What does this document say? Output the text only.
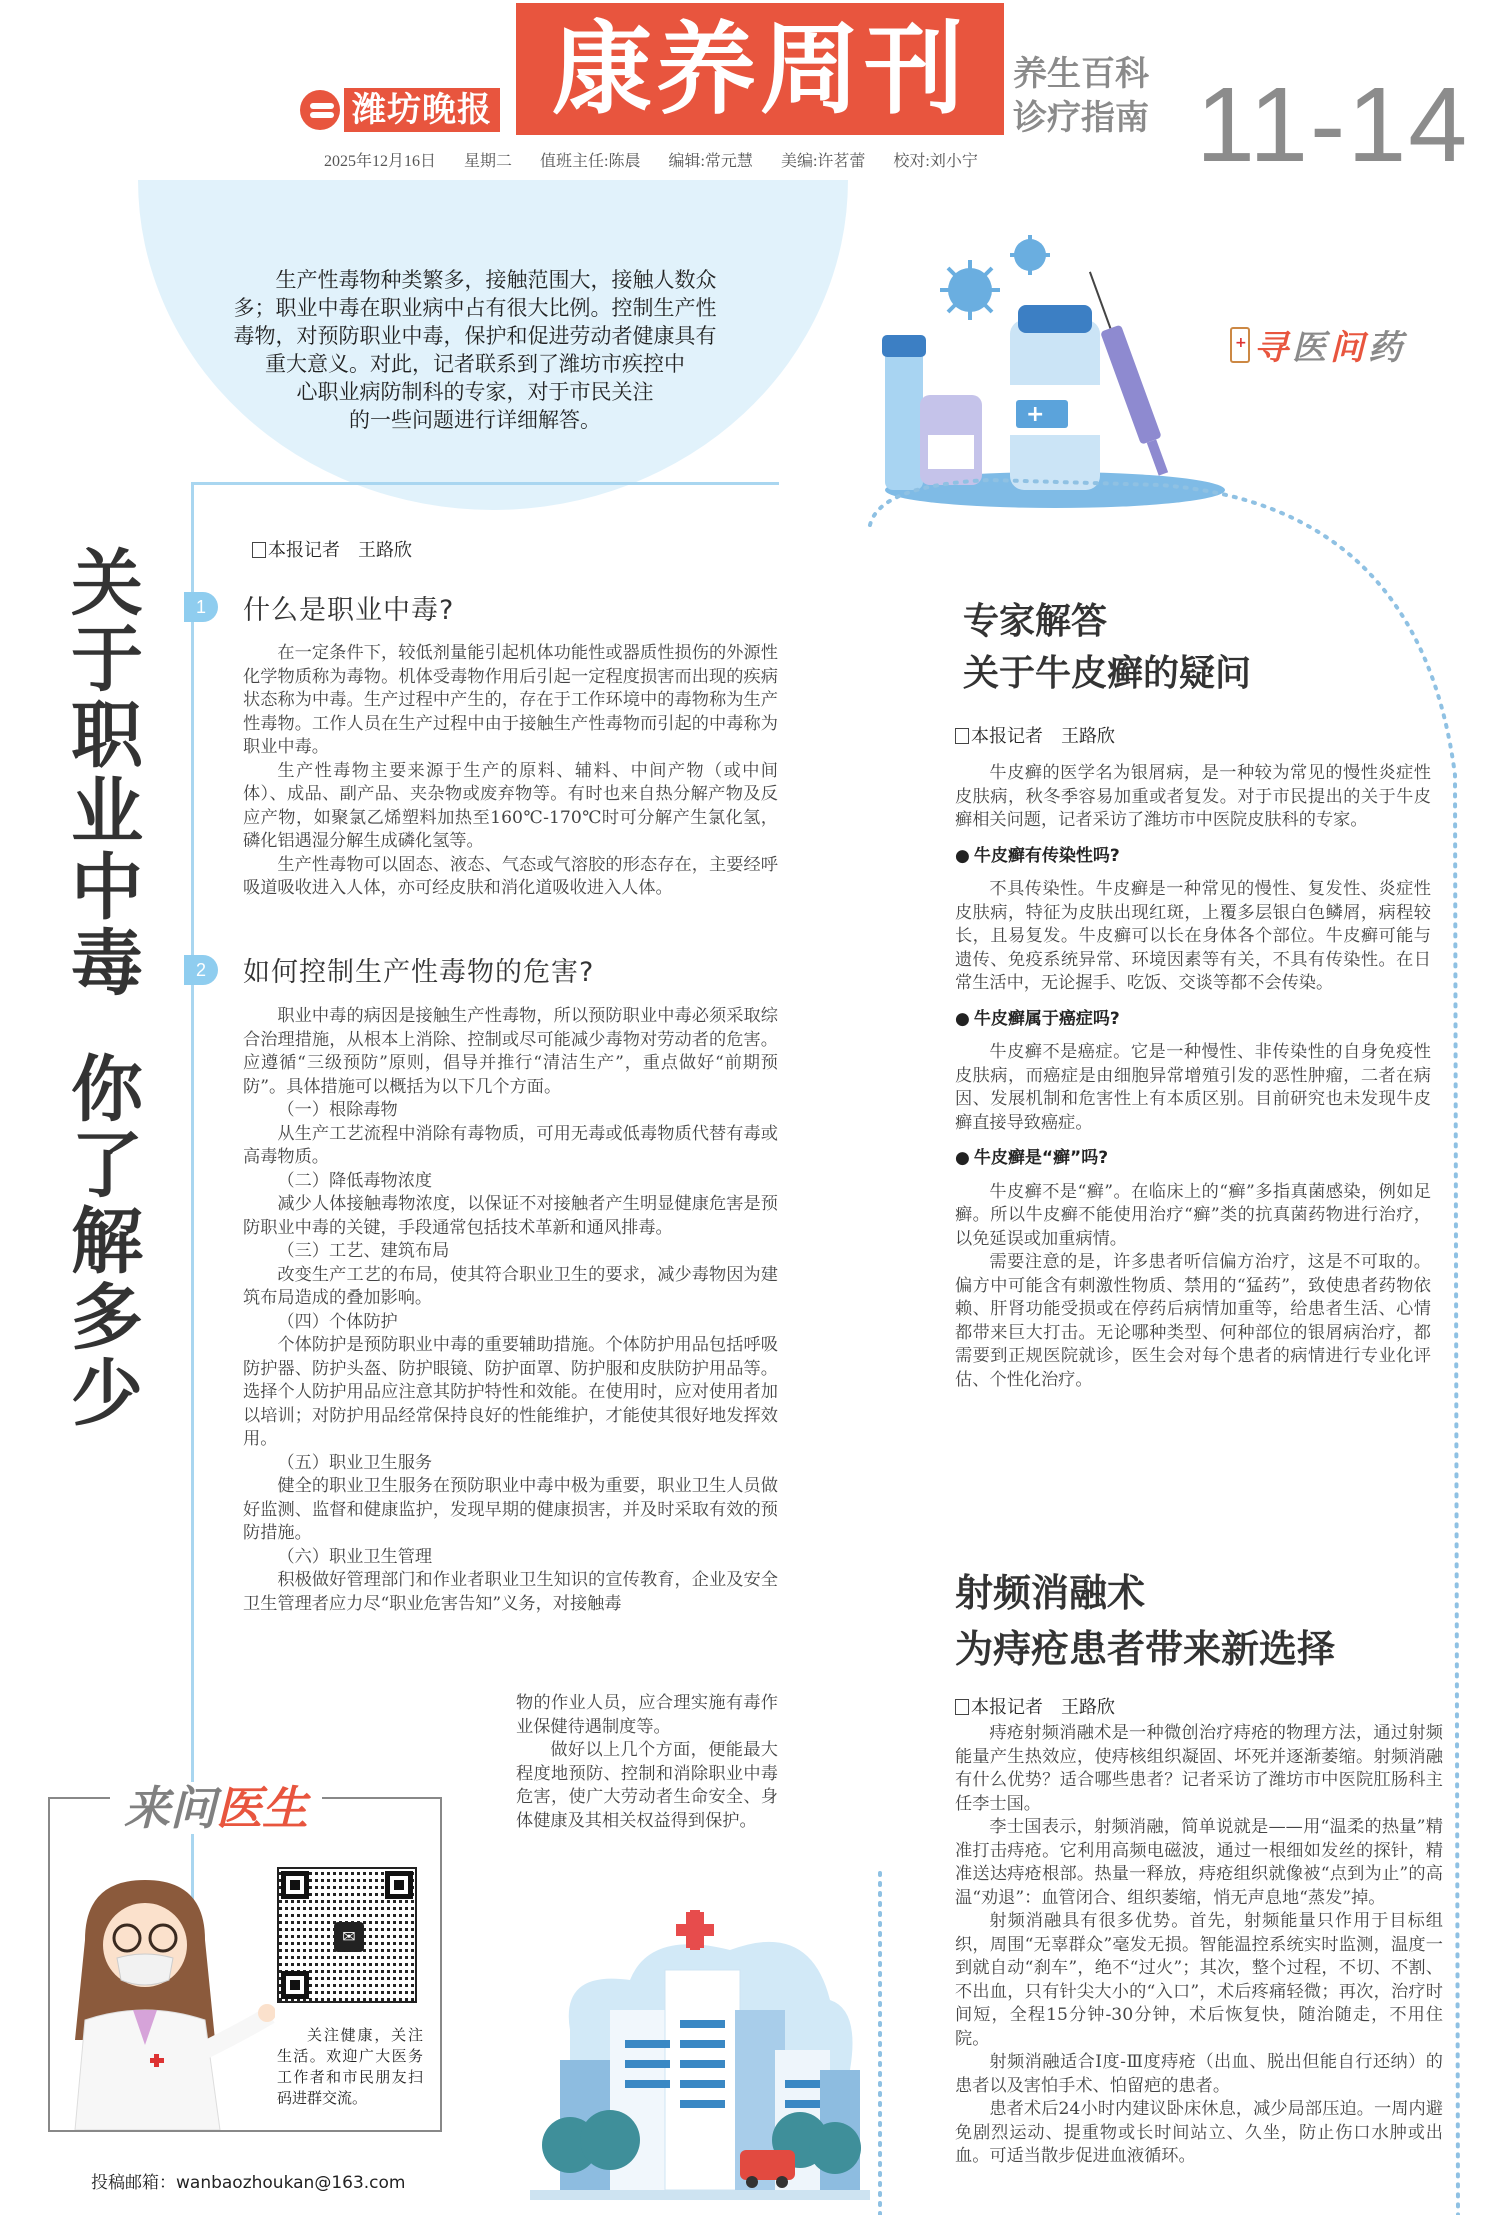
潍坊晚报 康养周刊	养生百科
诊疗指南 11-14
2025年12月16日 星期二 值班主任:陈晨 编辑:常元慧 美编:许茗蕾 校对:刘小宁

生产性毒物种类繁多，接触范围大，接触人数众

多；职业中毒在职业病中占有很大比例。控制生产性

毒物，对预防职业中毒，保护和促进劳动者健康具有

重大意义。对此，记者联系到了潍坊市疾控中

心职业病防制科的专家，对于市民关注

的一些问题进行详细解答。	+
+
寻 医 问 药
关于职业中毒
你了解多少
本报记者　王路欣
1	什么是职业中毒?

在一定条件下，较低剂量能引起机体功能性或器质性损伤的外源性化学物质称为毒物。机体受毒物作用后引起一定程度损害而出现的疾病状态称为中毒。生产过程中产生的，存在于工作环境中的毒物称为生产性毒物。工作人员在生产过程中由于接触生产性毒物而引起的中毒称为职业中毒。

生产性毒物主要来源于生产的原料、辅料、中间产物（或中间体）、成品、副产品、夹杂物或废弃物等。有时也来自热分解产物及反应产物，如聚氯乙烯塑料加热至160℃-170℃时可分解产生氯化氢，磷化铝遇湿分解生成磷化氢等。

生产性毒物可以固态、液态、气态或气溶胶的形态存在，主要经呼吸道吸收进入人体，亦可经皮肤和消化道吸收进入人体。

2	如何控制生产性毒物的危害?

职业中毒的病因是接触生产性毒物，所以预防职业中毒必须采取综合治理措施，从根本上消除、控制或尽可能减少毒物对劳动者的危害。应遵循“三级预防”原则，倡导并推行“清洁生产”，重点做好“前期预防”。具体措施可以概括为以下几个方面。

（一）根除毒物

从生产工艺流程中消除有毒物质，可用无毒或低毒物质代替有毒或高毒物质。

（二）降低毒物浓度

减少人体接触毒物浓度，以保证不对接触者产生明显健康危害是预防职业中毒的关键，手段通常包括技术革新和通风排毒。

（三）工艺、建筑布局

改变生产工艺的布局，使其符合职业卫生的要求，减少毒物因为建筑布局造成的叠加影响。

（四）个体防护

个体防护是预防职业中毒的重要辅助措施。个体防护用品包括呼吸防护器、防护头盔、防护眼镜、防护面罩、防护服和皮肤防护用品等。选择个人防护用品应注意其防护特性和效能。在使用时，应对使用者加以培训；对防护用品经常保持良好的性能维护，才能使其很好地发挥效用。

（五）职业卫生服务

健全的职业卫生服务在预防职业中毒中极为重要，职业卫生人员做好监测、监督和健康监护，发现早期的健康损害，并及时采取有效的预防措施。

（六）职业卫生管理

积极做好管理部门和作业者职业卫生知识的宣传教育，企业及安全卫生管理者应力尽“职业危害告知”义务，对接触毒

物的作业人员，应合理实施有毒作业保健待遇制度等。

做好以上几个方面，便能最大程度地预防、控制和消除职业中毒危害，使广大劳动者生命安全、身体健康及其相关权益得到保护。

来问医生
✉
关注健康，关注生活。欢迎广大医务工作者和市民朋友扫码进群交流。
投稿邮箱：wanbaozhoukan@163.com
专家解答
关于牛皮癣的疑问
本报记者　王路欣

牛皮癣的医学名为银屑病，是一种较为常见的慢性炎症性皮肤病，秋冬季容易加重或者复发。对于市民提出的关于牛皮癣相关问题，记者采访了潍坊市中医院皮肤科的专家。

● 牛皮癣有传染性吗?

不具传染性。牛皮癣是一种常见的慢性、复发性、炎症性皮肤病，特征为皮肤出现红斑，上覆多层银白色鳞屑，病程较长，且易复发。牛皮癣可以长在身体各个部位。牛皮癣可能与遗传、免疫系统异常、环境因素等有关，不具有传染性。在日常生活中，无论握手、吃饭、交谈等都不会传染。

● 牛皮癣属于癌症吗?

牛皮癣不是癌症。它是一种慢性、非传染性的自身免疫性皮肤病，而癌症是由细胞异常增殖引发的恶性肿瘤，二者在病因、发展机制和危害性上有本质区别。目前研究也未发现牛皮癣直接导致癌症。

● 牛皮癣是“癣”吗?

牛皮癣不是“癣”。在临床上的“癣”多指真菌感染，例如足癣。所以牛皮癣不能使用治疗“癣”类的抗真菌药物进行治疗，以免延误或加重病情。

需要注意的是，许多患者听信偏方治疗，这是不可取的。偏方中可能含有刺激性物质、禁用的“猛药”，致使患者药物依赖、肝肾功能受损或在停药后病情加重等，给患者生活、心情都带来巨大打击。无论哪种类型、何种部位的银屑病治疗，都需要到正规医院就诊，医生会对每个患者的病情进行专业化评估、个性化治疗。

射频消融术
为痔疮患者带来新选择
本报记者　王路欣

痔疮射频消融术是一种微创治疗痔疮的物理方法，通过射频能量产生热效应，使痔核组织凝固、坏死并逐渐萎缩。射频消融有什么优势？适合哪些患者？记者采访了潍坊市中医院肛肠科主任李士国。

李士国表示，射频消融，简单说就是——用“温柔的热量”精准打击痔疮。它利用高频电磁波，通过一根细如发丝的探针，精准送达痔疮根部。热量一释放，痔疮组织就像被“点到为止”的高温“劝退”：血管闭合、组织萎缩，悄无声息地“蒸发”掉。

射频消融具有很多优势。首先，射频能量只作用于目标组织，周围“无辜群众”毫发无损。智能温控系统实时监测，温度一到就自动“刹车”，绝不“过火”；其次，整个过程，不切、不割、不出血，只有针尖大小的“入口”，术后疼痛轻微；再次，治疗时间短，全程15分钟-30分钟，术后恢复快，随治随走，不用住院。

射频消融适合Ⅰ度-Ⅲ度痔疮（出血、脱出但能自行还纳）的患者以及害怕手术、怕留疤的患者。

患者术后24小时内建议卧床休息，减少局部压迫。一周内避免剧烈运动、提重物或长时间站立、久坐，防止伤口水肿或出血。可适当散步促进血液循环。
